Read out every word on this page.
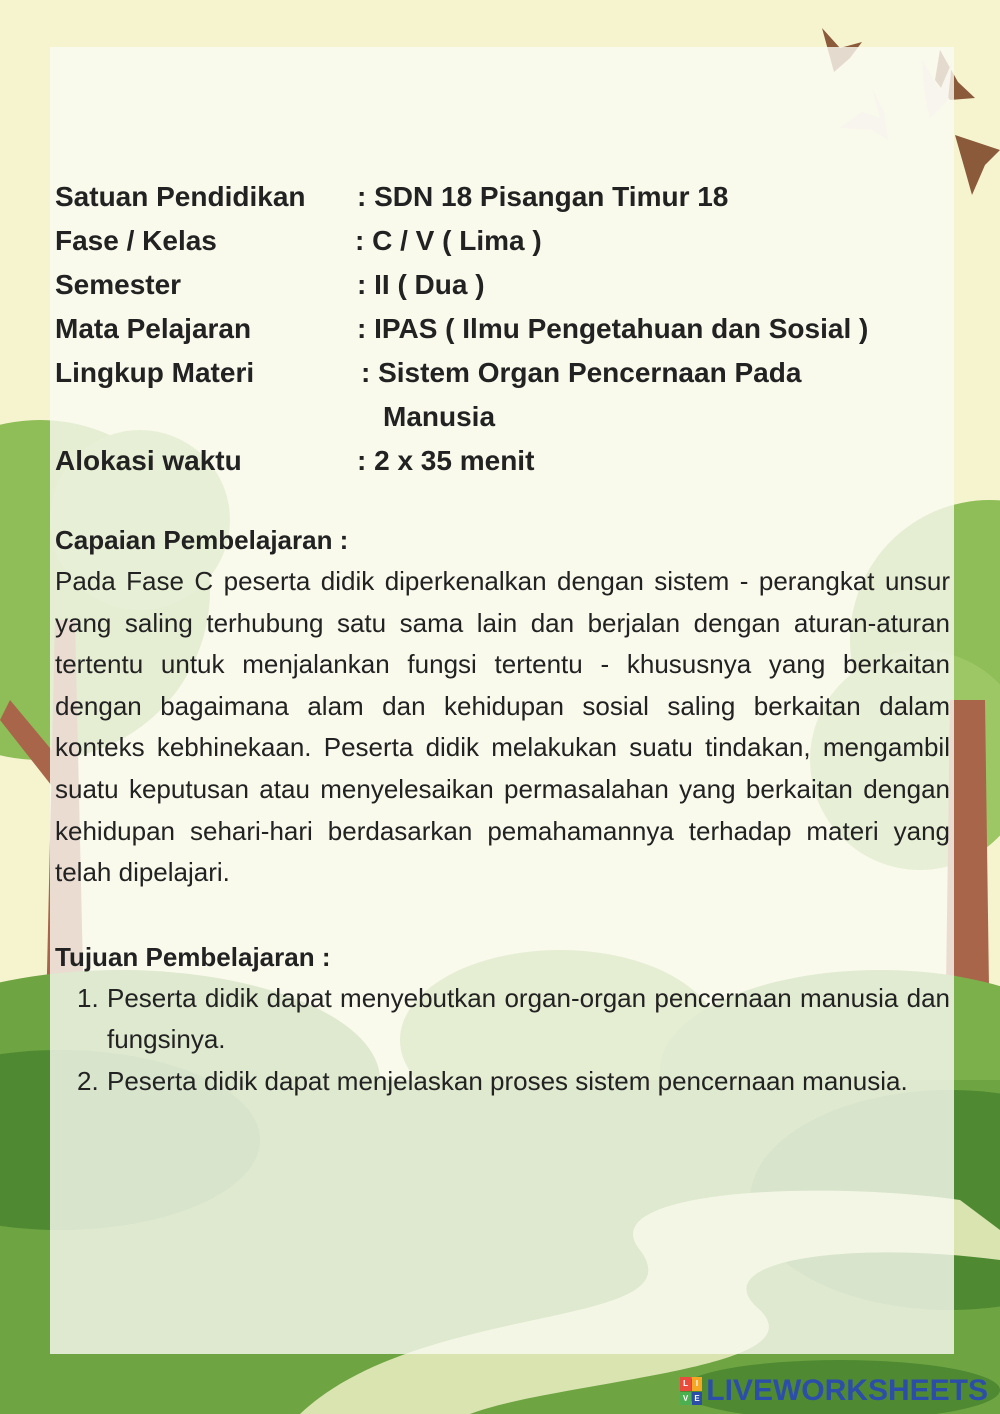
Satuan Pendidikan : SDN 18 Pisangan Timur 18
Fase / Kelas	: C / V ( Lima )
Semester	: II ( Dua )
Mata Pelajaran	: IPAS ( Ilmu Pengetahuan dan Sosial )
Lingkup Materi	: Sistem Organ Pencernaan Pada
Manusia
Alokasi waktu	: 2 x 35 menit
Capaian Pembelajaran :

Pada Fase C peserta didik diperkenalkan dengan sistem - perangkat unsur yang saling terhubung satu sama lain dan berjalan dengan aturan-aturan tertentu untuk menjalankan fungsi tertentu - khususnya yang berkaitan dengan bagaimana alam dan kehidupan sosial saling berkaitan dalam konteks kebhinekaan. Peserta didik melakukan suatu tindakan, mengambil suatu keputusan atau menyelesaikan permasalahan yang berkaitan dengan kehidupan sehari-hari berdasarkan pemahamannya terhadap materi yang telah dipelajari.

Tujuan Pembelajaran :
1. Peserta didik dapat menyebutkan organ-organ pencernaan manusia dan fungsinya.
2. Peserta didik dapat menjelaskan proses sistem pencernaan manusia.
L I
V E LIVEWORKSHEETS
